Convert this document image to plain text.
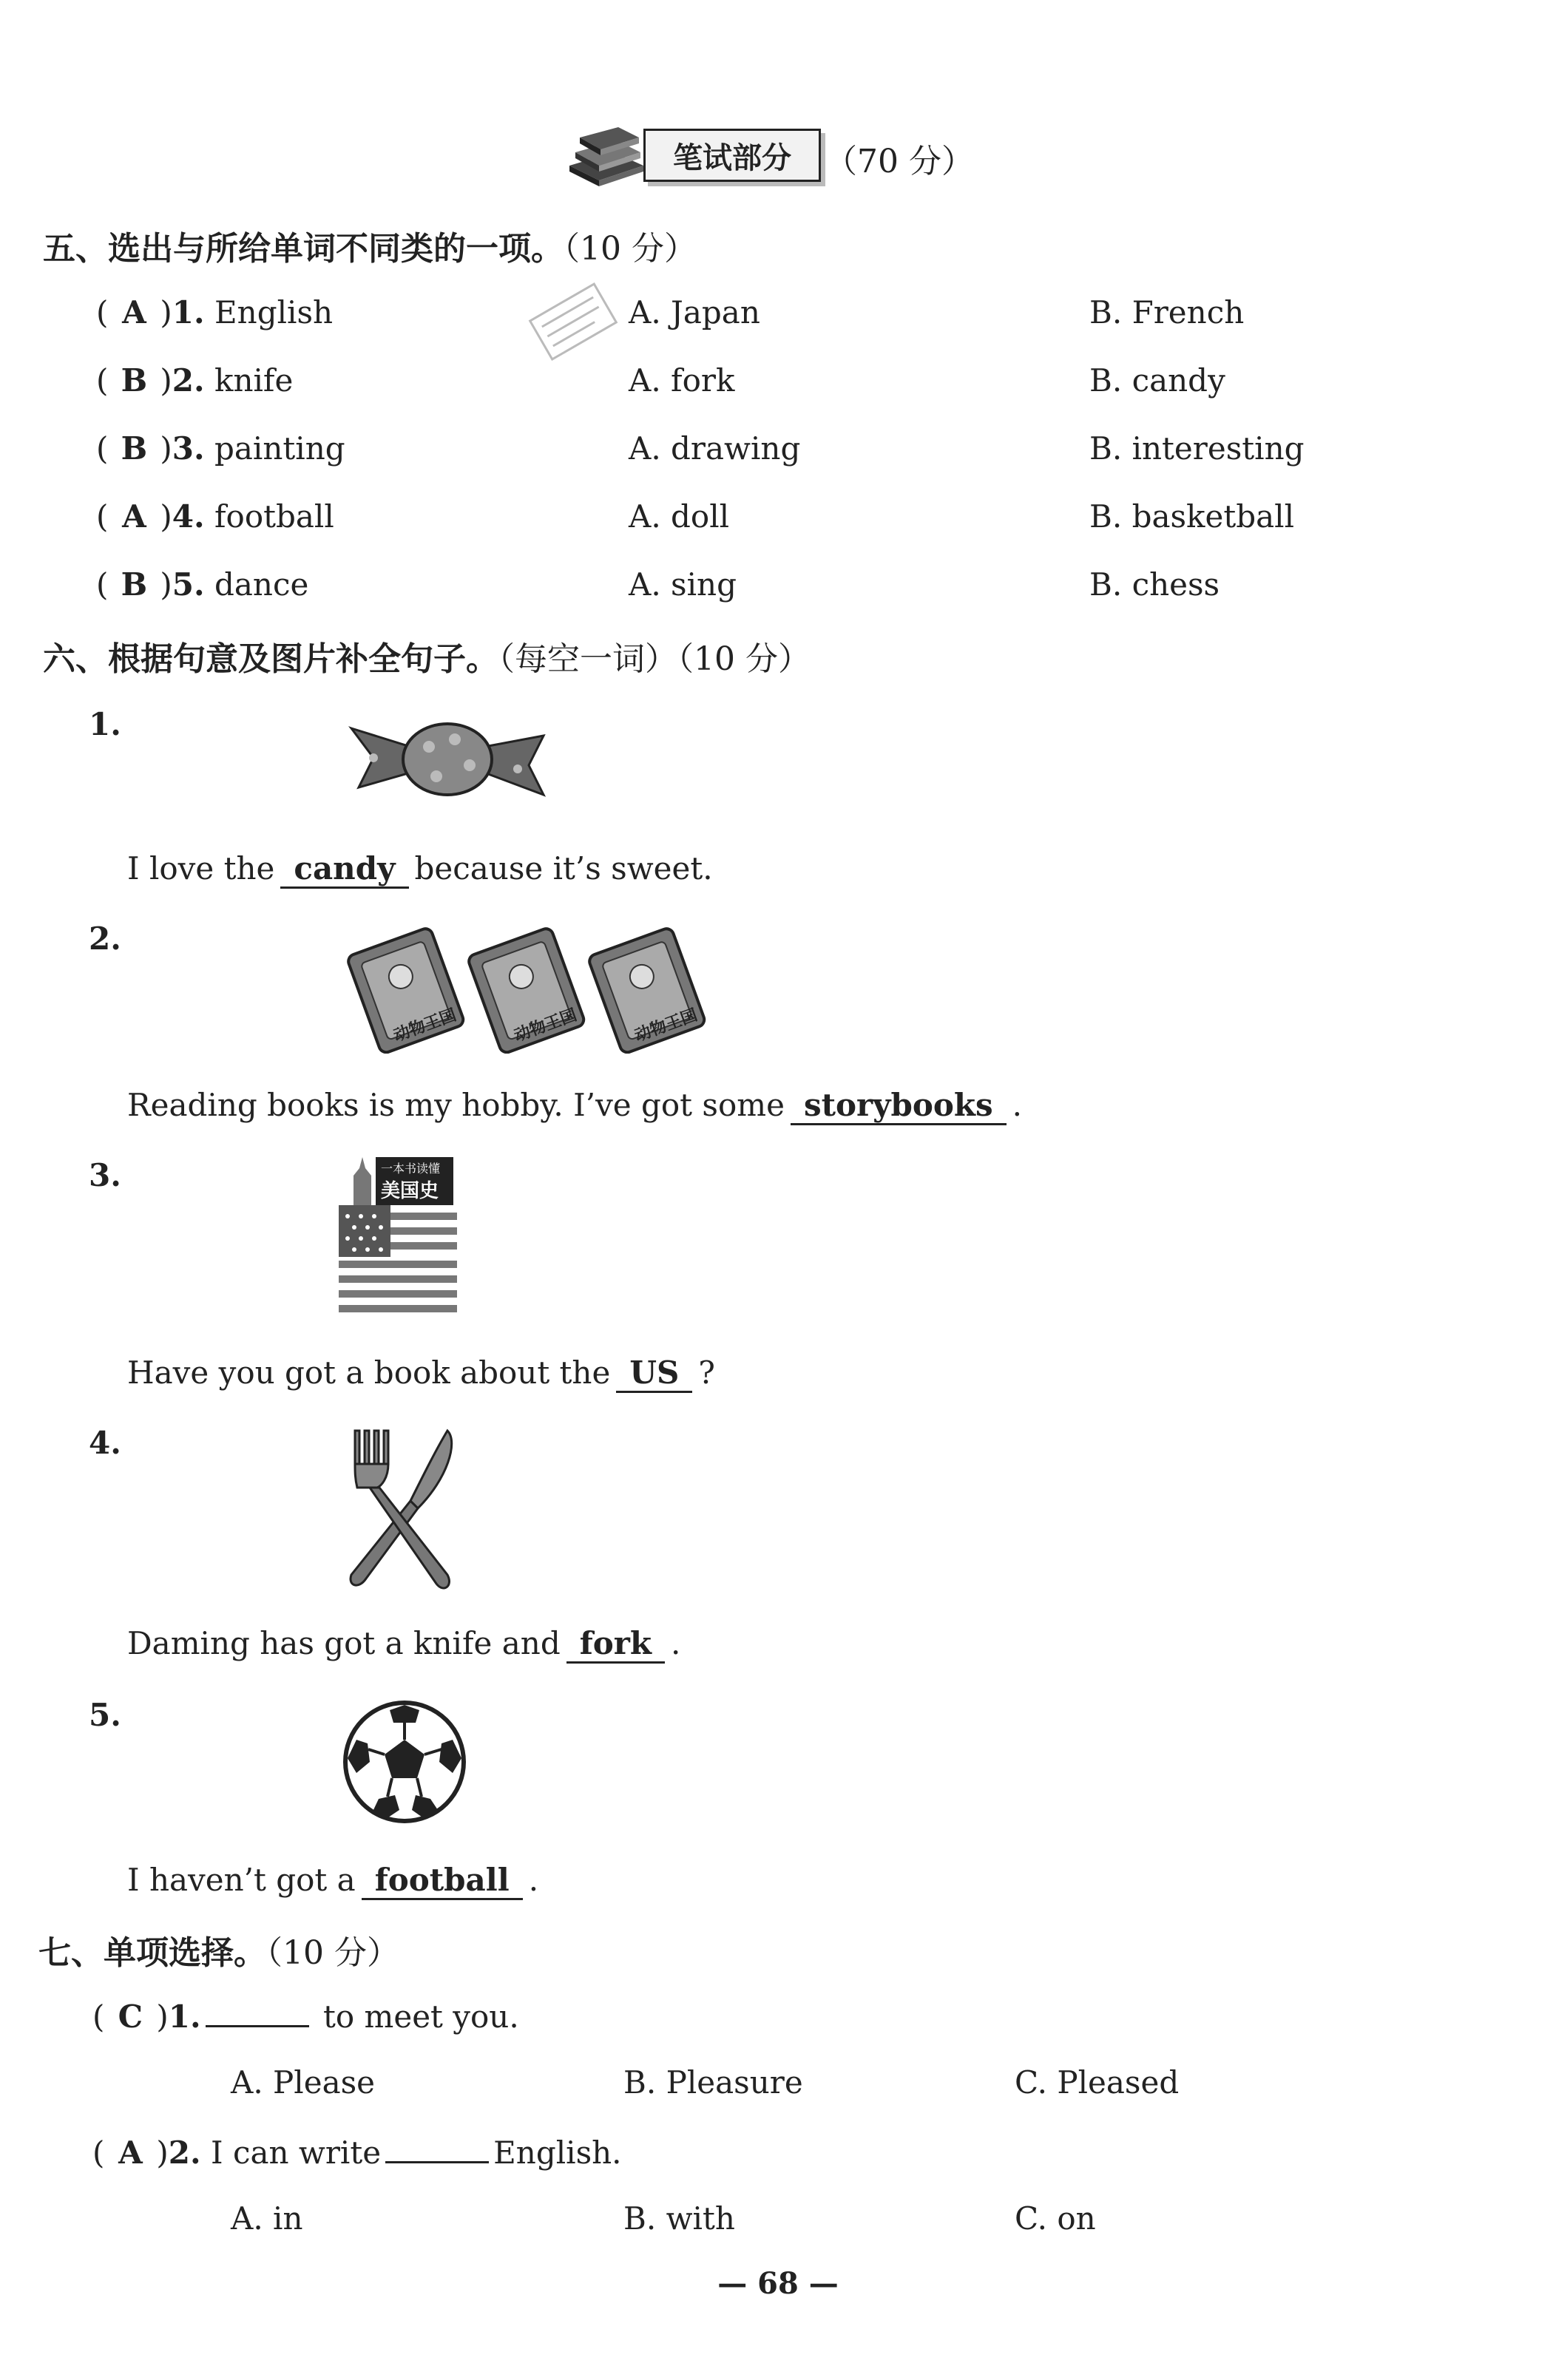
笔试部分	（70 分）
五、选出与所给单词不同类的一项。（10 分）
( A )1. English	A. Japan	B. French
( B )2. knife	A. fork	B. candy
( B )3. painting	A. drawing	B. interesting
( A )4. football	A. doll	B. basketball
( B )5. dance	A. sing	B. chess
六、根据句意及图片补全句子。（每空一词）（10 分）
1.
I love the candy because it’s sweet.
2.
动物王国	动物王国	动物王国
Reading books is my hobby. I’ve got some storybooks .
3.	一本书读懂
美国史
Have you got a book about the US ?
4.
Daming has got a knife and fork .
5.
I haven’t got a football .
七、单项选择。（10 分）
( C )1.	to meet you.
A. Please	B. Pleasure	C. Pleased
( A )2. I can write	English.
A. in	B. with	C. on
— 68 —
